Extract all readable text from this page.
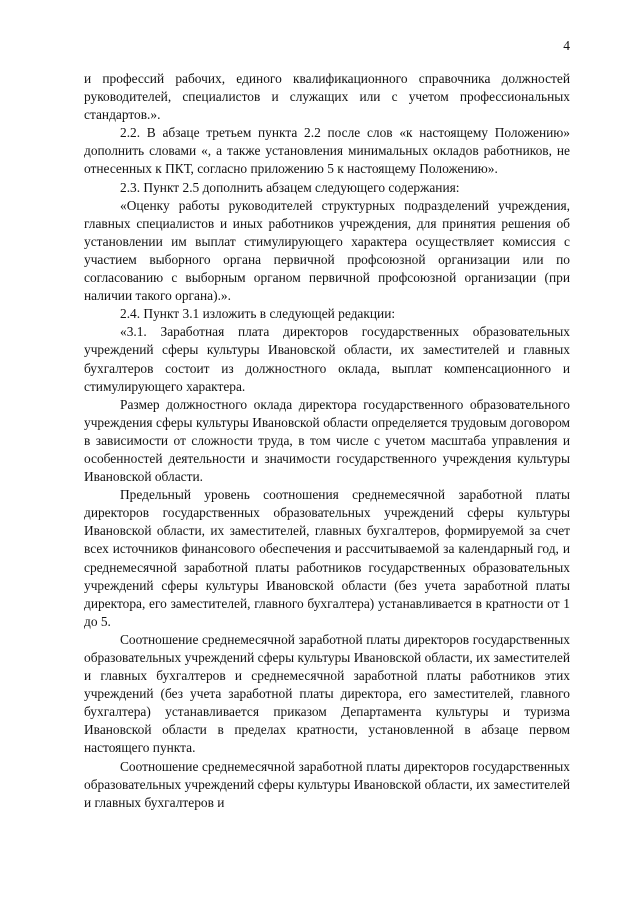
4

и профессий рабочих, единого квалификационного справочника должностей руководителей, специалистов и служащих или с учетом профессиональных стандартов.».

2.2. В абзаце третьем пункта 2.2 после слов «к настоящему Положению» дополнить словами «, а также установления минимальных окладов работников, не отнесенных к ПКТ, согласно приложению 5 к настоящему Положению».

2.3. Пункт 2.5 дополнить абзацем следующего содержания:

«Оценку работы руководителей структурных подразделений учреждения, главных специалистов и иных работников учреждения, для принятия решения об установлении им выплат стимулирующего характера осуществляет комиссия с участием выборного органа первичной профсоюзной организации или по согласованию с выборным органом первичной профсоюзной организации (при наличии такого органа).».

2.4. Пункт 3.1 изложить в следующей редакции:

«3.1. Заработная плата директоров государственных образовательных учреждений сферы культуры Ивановской области, их заместителей и главных бухгалтеров состоит из должностного оклада, выплат компенсационного и стимулирующего характера.

Размер должностного оклада директора государственного образовательного учреждения сферы культуры Ивановской области определяется трудовым договором в зависимости от сложности труда, в том числе с учетом масштаба управления и особенностей деятельности и значимости государственного учреждения культуры Ивановской области.

Предельный уровень соотношения среднемесячной заработной платы директоров государственных образовательных учреждений сферы культуры Ивановской области, их заместителей, главных бухгалтеров, формируемой за счет всех источников финансового обеспечения и рассчитываемой за календарный год, и среднемесячной заработной платы работников государственных образовательных учреждений сферы культуры Ивановской области (без учета заработной платы директора, его заместителей, главного бухгалтера) устанавливается в кратности от 1 до 5.

Соотношение среднемесячной заработной платы директоров государственных образовательных учреждений сферы культуры Ивановской области, их заместителей и главных бухгалтеров и среднемесячной заработной платы работников этих учреждений (без учета заработной платы директора, его заместителей, главного бухгалтера) устанавливается приказом Департамента культуры и туризма Ивановской области в пределах кратности, установленной в абзаце первом настоящего пункта.

Соотношение среднемесячной заработной платы директоров государственных образовательных учреждений сферы культуры Ивановской области, их заместителей и главных бухгалтеров и
